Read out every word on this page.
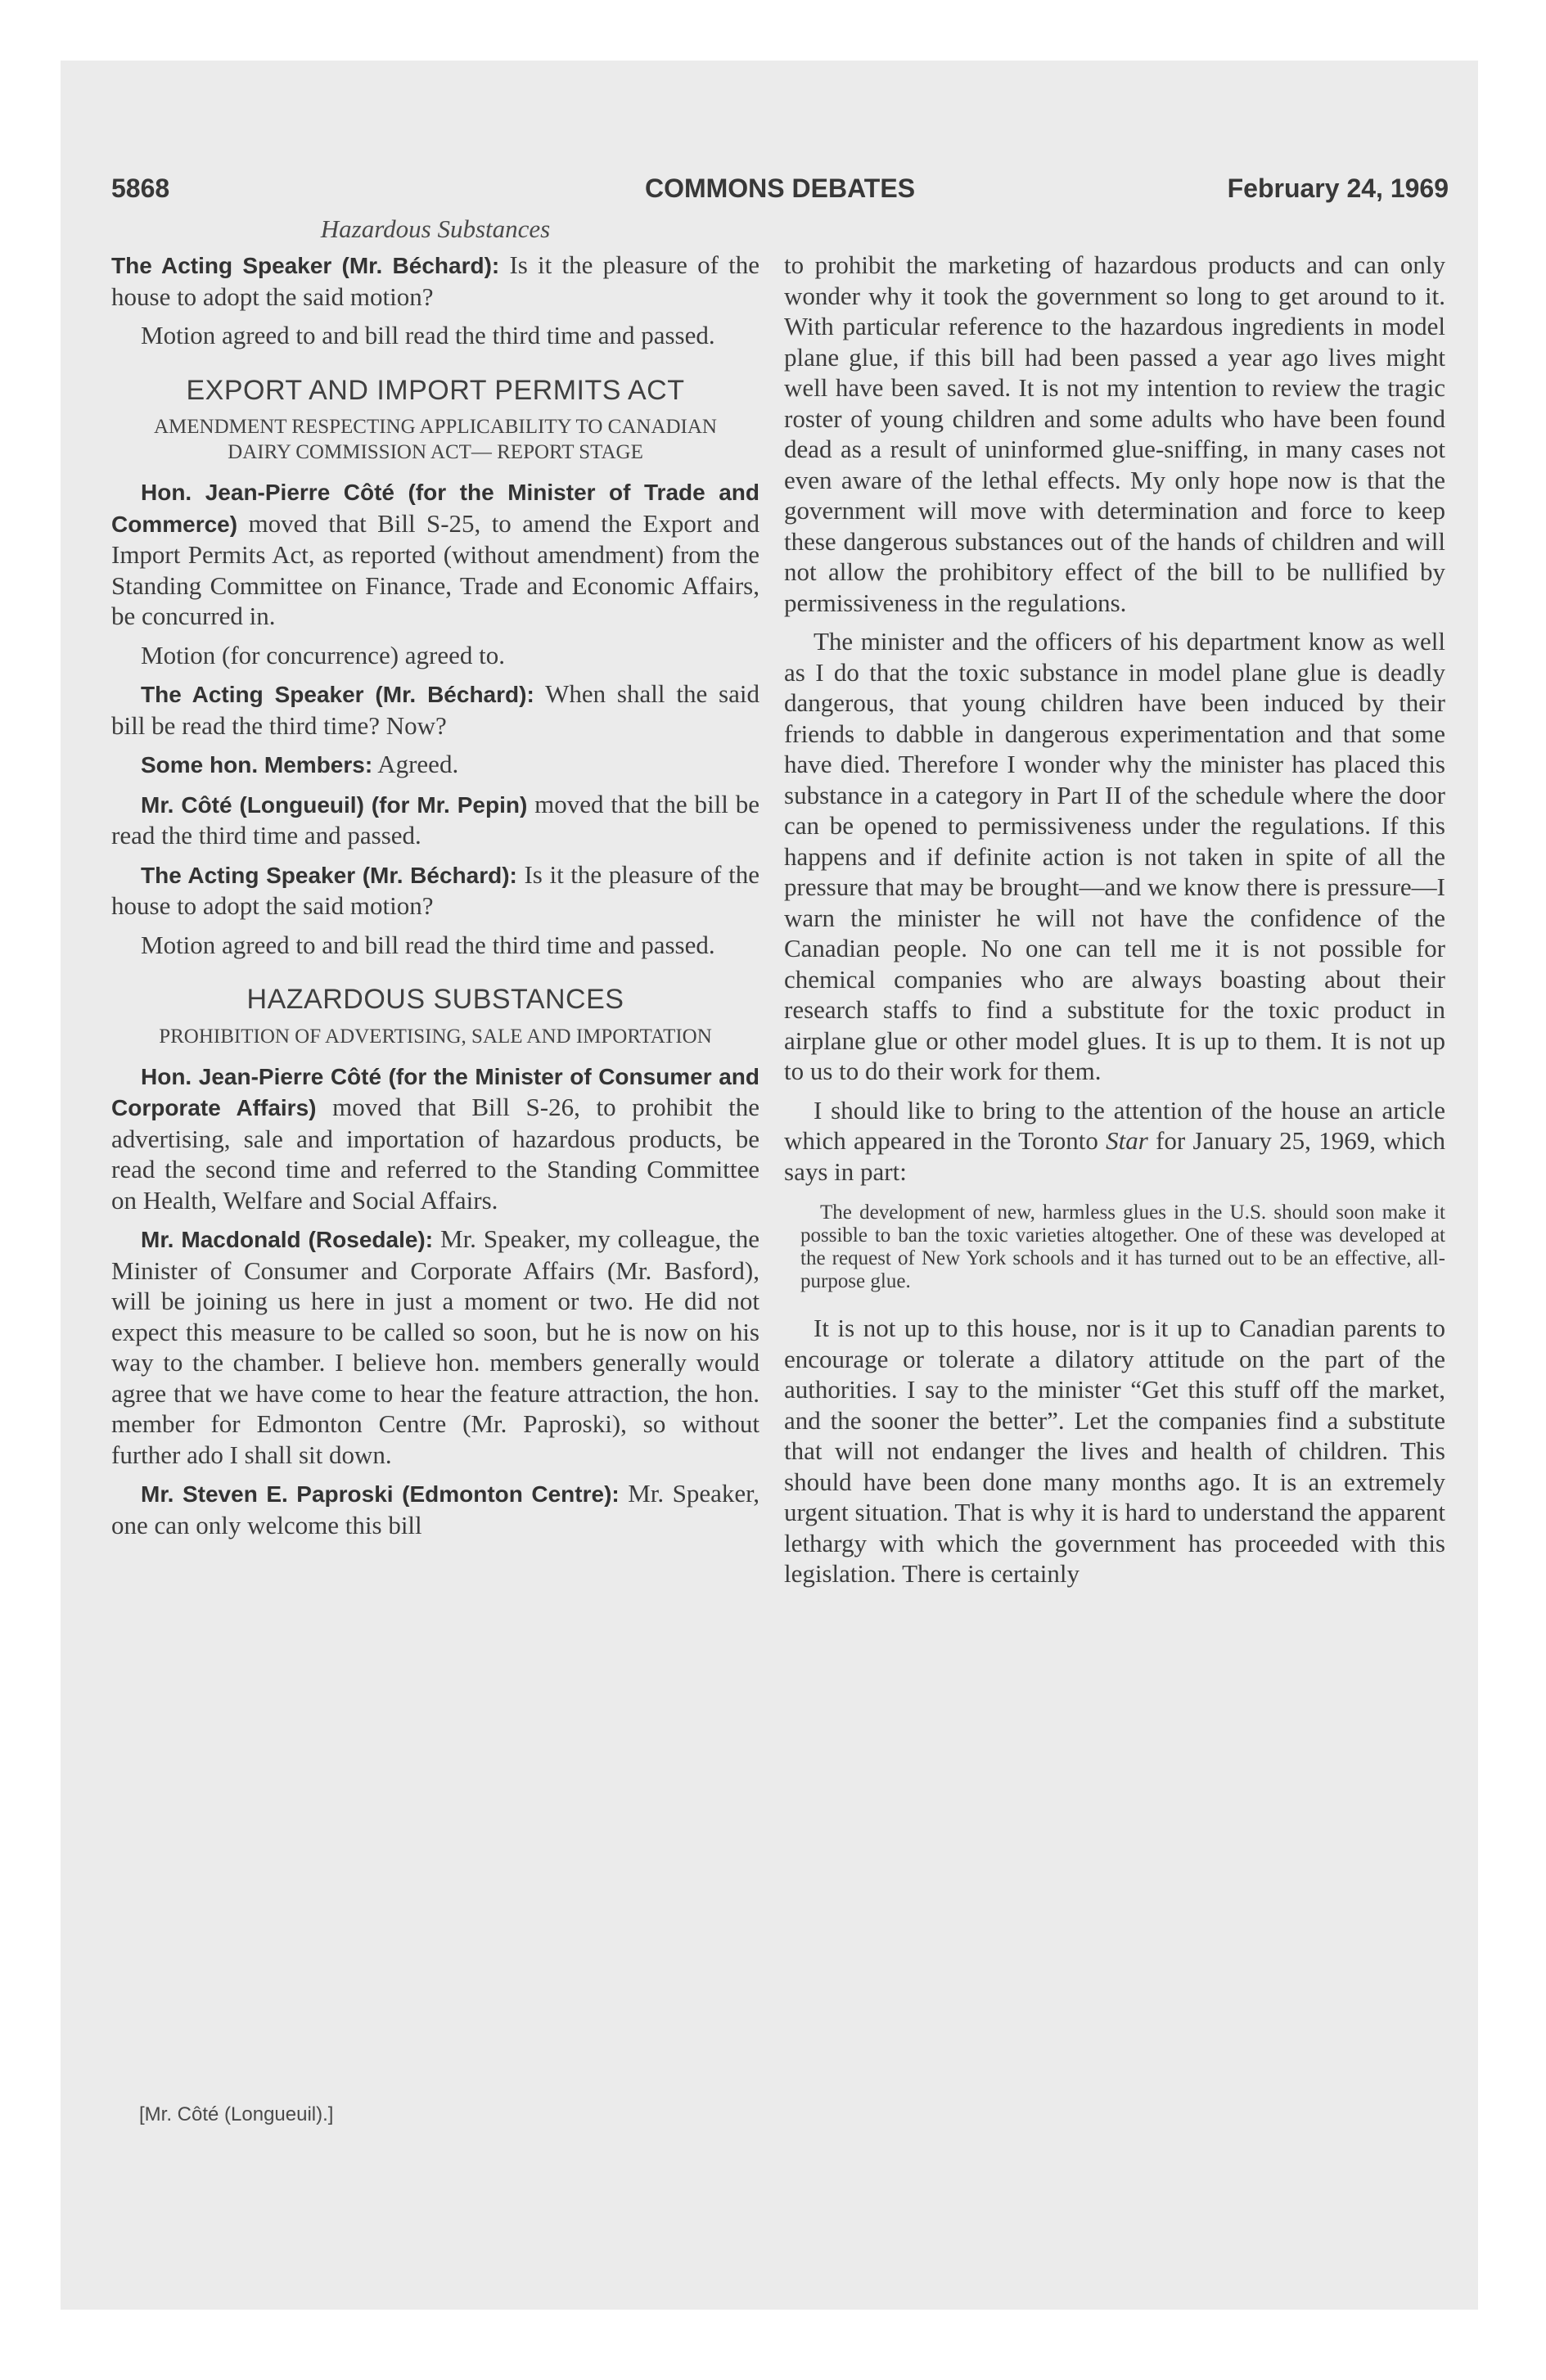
5868	COMMONS DEBATES	February 24, 1969
Hazardous Substances

The Acting Speaker (Mr. Béchard): Is it the pleasure of the house to adopt the said motion?

Motion agreed to and bill read the third time and passed.

EXPORT AND IMPORT PERMITS ACT
AMENDMENT RESPECTING APPLICABILITY TO CANADIAN DAIRY COMMISSION ACT— REPORT STAGE

Hon. Jean-Pierre Côté (for the Minister of Trade and Commerce) moved that Bill S-25, to amend the Export and Import Permits Act, as reported (without amendment) from the Standing Committee on Finance, Trade and Economic Affairs, be concurred in.

Motion (for concurrence) agreed to.

The Acting Speaker (Mr. Béchard): When shall the said bill be read the third time? Now?

Some hon. Members: Agreed.

Mr. Côté (Longueuil) (for Mr. Pepin) moved that the bill be read the third time and passed.

The Acting Speaker (Mr. Béchard): Is it the pleasure of the house to adopt the said motion?

Motion agreed to and bill read the third time and passed.

HAZARDOUS SUBSTANCES
PROHIBITION OF ADVERTISING, SALE AND IMPORTATION

Hon. Jean-Pierre Côté (for the Minister of Consumer and Corporate Affairs) moved that Bill S-26, to prohibit the advertising, sale and importation of hazardous products, be read the second time and referred to the Standing Committee on Health, Welfare and Social Affairs.

Mr. Macdonald (Rosedale): Mr. Speaker, my colleague, the Minister of Consumer and Corporate Affairs (Mr. Basford), will be joining us here in just a moment or two. He did not expect this measure to be called so soon, but he is now on his way to the chamber. I believe hon. members generally would agree that we have come to hear the feature attraction, the hon. member for Edmonton Centre (Mr. Paproski), so without further ado I shall sit down.

Mr. Steven E. Paproski (Edmonton Centre): Mr. Speaker, one can only welcome this bill

to prohibit the marketing of hazardous products and can only wonder why it took the government so long to get around to it. With particular reference to the hazardous ingredients in model plane glue, if this bill had been passed a year ago lives might well have been saved. It is not my intention to review the tragic roster of young children and some adults who have been found dead as a result of uninformed glue-sniffing, in many cases not even aware of the lethal effects. My only hope now is that the government will move with determination and force to keep these dangerous substances out of the hands of children and will not allow the prohibitory effect of the bill to be nullified by permissiveness in the regulations.

The minister and the officers of his department know as well as I do that the toxic substance in model plane glue is deadly dangerous, that young children have been induced by their friends to dabble in dangerous experimentation and that some have died. Therefore I wonder why the minister has placed this substance in a category in Part II of the schedule where the door can be opened to permissiveness under the regulations. If this happens and if definite action is not taken in spite of all the pressure that may be brought—and we know there is pressure—I warn the minister he will not have the confidence of the Canadian people. No one can tell me it is not possible for chemical companies who are always boasting about their research staffs to find a substitute for the toxic product in airplane glue or other model glues. It is up to them. It is not up to us to do their work for them.

I should like to bring to the attention of the house an article which appeared in the Toronto Star for January 25, 1969, which says in part:

The development of new, harmless glues in the U.S. should soon make it possible to ban the toxic varieties altogether. One of these was developed at the request of New York schools and it has turned out to be an effective, all-purpose glue.

It is not up to this house, nor is it up to Canadian parents to encourage or tolerate a dilatory attitude on the part of the authorities. I say to the minister “Get this stuff off the market, and the sooner the better”. Let the companies find a substitute that will not endanger the lives and health of children. This should have been done many months ago. It is an extremely urgent situation. That is why it is hard to understand the apparent lethargy with which the government has proceeded with this legislation. There is certainly

[Mr. Côté (Longueuil).]
